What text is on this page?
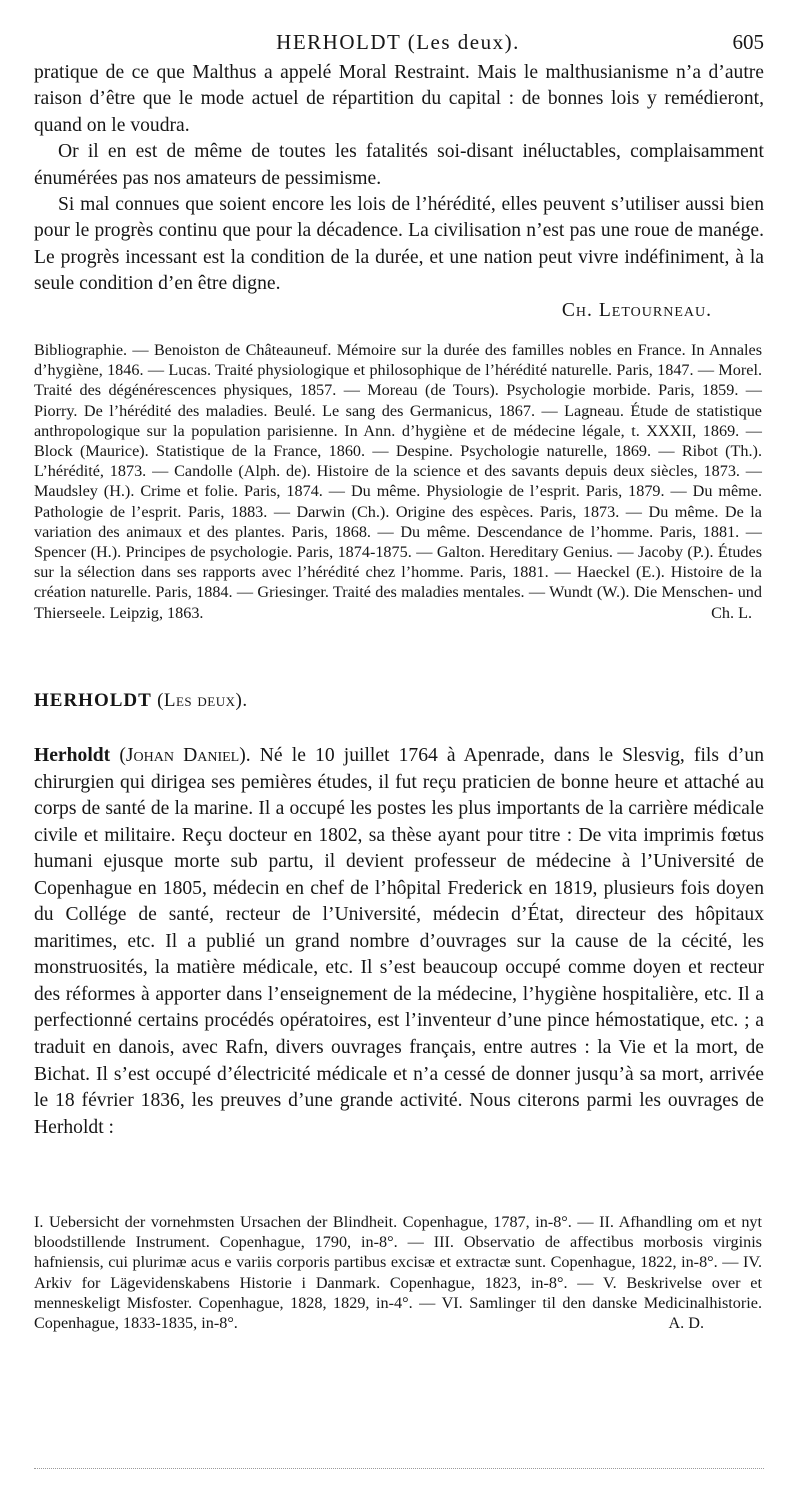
HERHOLDT (Les deux).	605

pratique de ce que Malthus a appelé Moral Restraint. Mais le malthusianisme n’a d’autre raison d’être que le mode actuel de répartition du capital : de bonnes lois y remédieront, quand on le voudra.

Or il en est de même de toutes les fatalités soi-disant inéluctables, complaisamment énumérées pas nos amateurs de pessimisme.

Si mal connues que soient encore les lois de l’hérédité, elles peuvent s’utiliser aussi bien pour le progrès continu que pour la décadence. La civilisation n’est pas une roue de manége. Le progrès incessant est la condition de la durée, et une nation peut vivre indéfiniment, à la seule condition d’en être digne.

Ch. Letourneau.

Bibliographie. — Benoiston de Châteauneuf. Mémoire sur la durée des familles nobles en France. In Annales d’hygiène, 1846. — Lucas. Traité physiologique et philosophique de l’hérédité naturelle. Paris, 1847. — Morel. Traité des dégénérescences physiques, 1857. — Moreau (de Tours). Psychologie morbide. Paris, 1859. — Piorry. De l’hérédité des maladies. Beulé. Le sang des Germanicus, 1867. — Lagneau. Étude de statistique anthropologique sur la population parisienne. In Ann. d’hygiène et de médecine légale, t. XXXII, 1869. — Block (Maurice). Statistique de la France, 1860. — Despine. Psychologie naturelle, 1869. — Ribot (Th.). L’hérédité, 1873. — Candolle (Alph. de). Histoire de la science et des savants depuis deux siècles, 1873. — Maudsley (H.). Crime et folie. Paris, 1874. — Du même. Physiologie de l’esprit. Paris, 1879. — Du même. Pathologie de l’esprit. Paris, 1883. — Darwin (Ch.). Origine des espèces. Paris, 1873. — Du même. De la variation des animaux et des plantes. Paris, 1868. — Du même. Descendance de l’homme. Paris, 1881. — Spencer (H.). Principes de psychologie. Paris, 1874-1875. — Galton. Hereditary Genius. — Jacoby (P.). Études sur la sélection dans ses rapports avec l’hérédité chez l’homme. Paris, 1881. — Haeckel (E.). Histoire de la création naturelle. Paris, 1884. — Griesinger. Traité des maladies mentales. — Wundt (W.). Die Menschen- und Thierseele. Leipzig, 1863.	Ch. L.
HERHOLDT (Les deux).
Herholdt (Johan Daniel). Né le 10 juillet 1764 à Apenrade, dans le Slesvig, fils d’un chirurgien qui dirigea ses pemières études, il fut reçu praticien de bonne heure et attaché au corps de santé de la marine. Il a occupé les postes les plus importants de la carrière médicale civile et militaire. Reçu docteur en 1802, sa thèse ayant pour titre : De vita imprimis fœtus humani ejusque morte sub partu, il devient professeur de médecine à l’Université de Copenhague en 1805, médecin en chef de l’hôpital Frederick en 1819, plusieurs fois doyen du Collége de santé, recteur de l’Université, médecin d’État, directeur des hôpitaux maritimes, etc. Il a publié un grand nombre d’ouvrages sur la cause de la cécité, les monstruosités, la matière médicale, etc. Il s’est beaucoup occupé comme doyen et recteur des réformes à apporter dans l’enseignement de la médecine, l’hygiène hospitalière, etc. Il a perfectionné certains procédés opératoires, est l’inventeur d’une pince hémostatique, etc. ; a traduit en danois, avec Rafn, divers ouvrages français, entre autres : la Vie et la mort, de Bichat. Il s’est occupé d’électricité médicale et n’a cessé de donner jusqu’à sa mort, arrivée le 18 février 1836, les preuves d’une grande activité. Nous citerons parmi les ouvrages de Herholdt :
I. Uebersicht der vornehmsten Ursachen der Blindheit. Copenhague, 1787, in-8°. — II. Afhandling om et nyt bloodstillende Instrument. Copenhague, 1790, in-8°. — III. Observatio de affectibus morbosis virginis hafniensis, cui plurimæ acus e variis corporis partibus excisæ et extractæ sunt. Copenhague, 1822, in-8°. — IV. Arkiv for Lägevidenskabens Historie i Danmark. Copenhague, 1823, in-8°. — V. Beskrivelse over et menneskeligt Misfoster. Copenhague, 1828, 1829, in-4°. — VI. Samlinger til den danske Medicinalhistorie. Copenhague, 1833-1835, in-8°.	A. D.
